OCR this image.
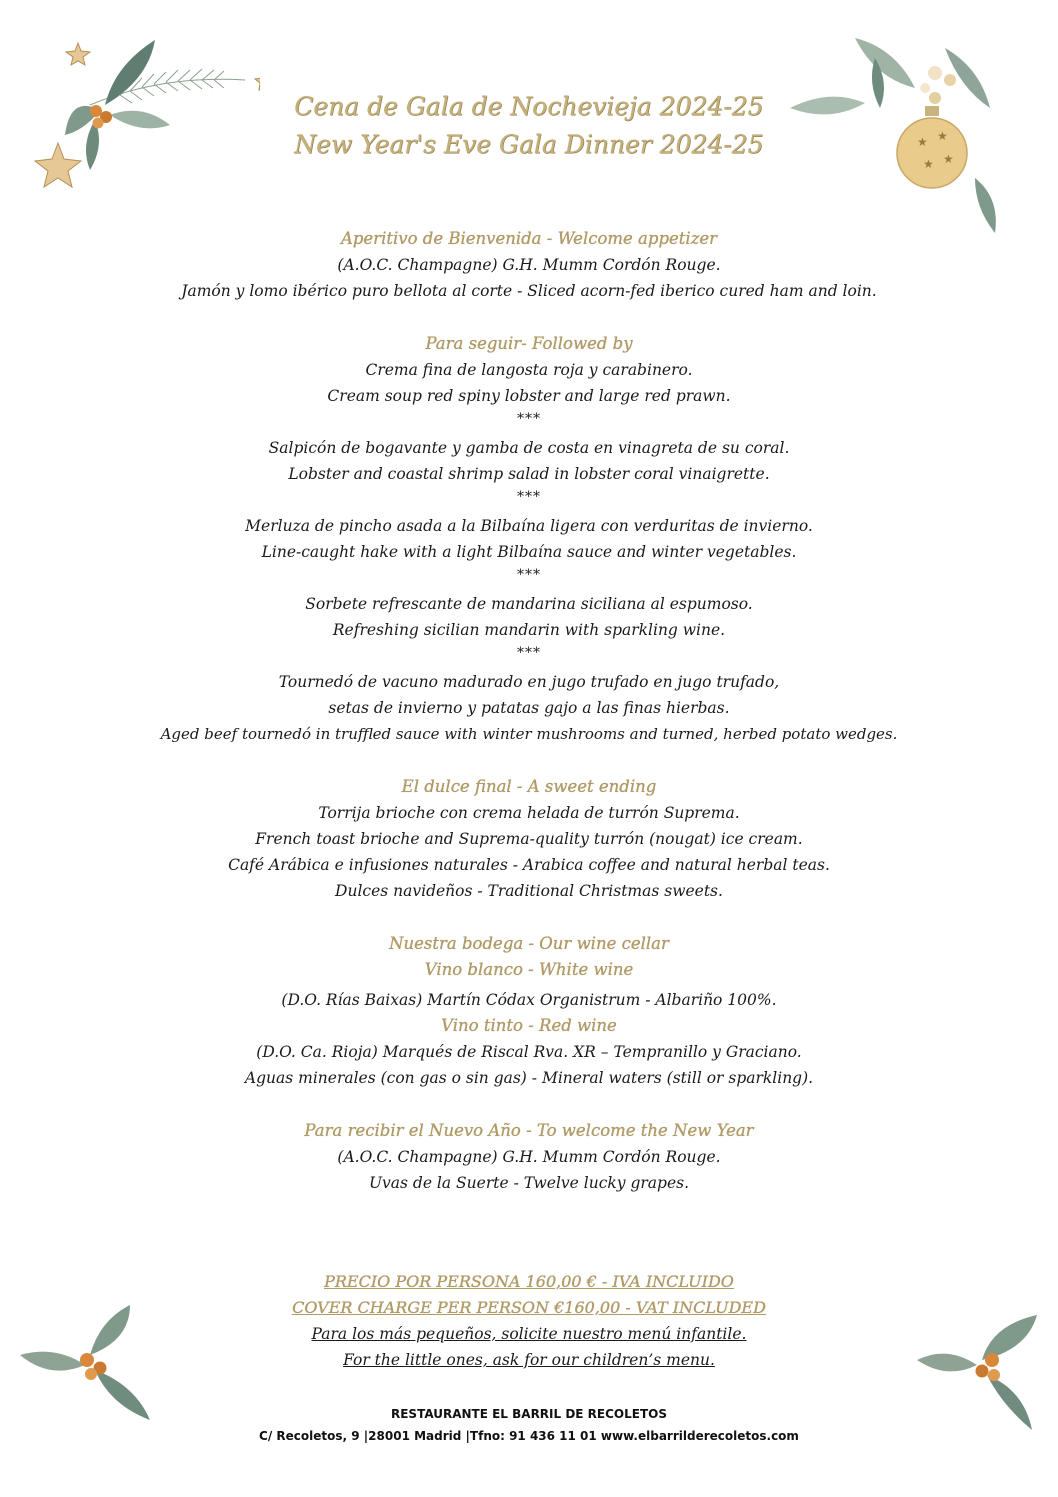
★ ★
★ ★
Cena de Gala de Nochevieja 2024-25
New Year's Eve Gala Dinner 2024-25
Aperitivo de Bienvenida - Welcome appetizer
(A.O.C. Champagne) G.H. Mumm Cordón Rouge.
Jamón y lomo ibérico puro bellota al corte - Sliced acorn-fed iberico cured ham and loin.
Para seguir- Followed by
Crema fina de langosta roja y carabinero.
Cream soup red spiny lobster and large red prawn.
***
Salpicón de bogavante y gamba de costa en vinagreta de su coral.
Lobster and coastal shrimp salad in lobster coral vinaigrette.
***
Merluza de pincho asada a la Bilbaína ligera con verduritas de invierno.
Line-caught hake with a light Bilbaína sauce and winter vegetables.
***
Sorbete refrescante de mandarina siciliana al espumoso.
Refreshing sicilian mandarin with sparkling wine.
***
Tournedó de vacuno madurado en jugo trufado en jugo trufado,
setas de invierno y patatas gajo a las finas hierbas.
Aged beef tournedó in truffled sauce with winter mushrooms and turned, herbed potato wedges.
El dulce final - A sweet ending
Torrija brioche con crema helada de turrón Suprema.
French toast brioche and Suprema-quality turrón (nougat) ice cream.
Café Arábica e infusiones naturales - Arabica coffee and natural herbal teas.
Dulces navideños - Traditional Christmas sweets.
Nuestra bodega - Our wine cellar
Vino blanco - White wine
(D.O. Rías Baixas) Martín Códax Organistrum - Albariño 100%.
Vino tinto - Red wine
(D.O. Ca. Rioja) Marqués de Riscal Rva. XR – Tempranillo y Graciano.
Aguas minerales (con gas o sin gas) - Mineral waters (still or sparkling).
Para recibir el Nuevo Año - To welcome the New Year
(A.O.C. Champagne) G.H. Mumm Cordón Rouge.
Uvas de la Suerte - Twelve lucky grapes.
PRECIO POR PERSONA 160,00 € - IVA INCLUIDO
COVER CHARGE PER PERSON €160,00 - VAT INCLUDED
Para los más pequeños, solicite nuestro menú infantile.
For the little ones, ask for our children’s menu.
RESTAURANTE EL BARRIL DE RECOLETOS
C/ Recoletos, 9 |28001 Madrid |Tfno: 91 436 11 01 www.elbarrilderecoletos.com
